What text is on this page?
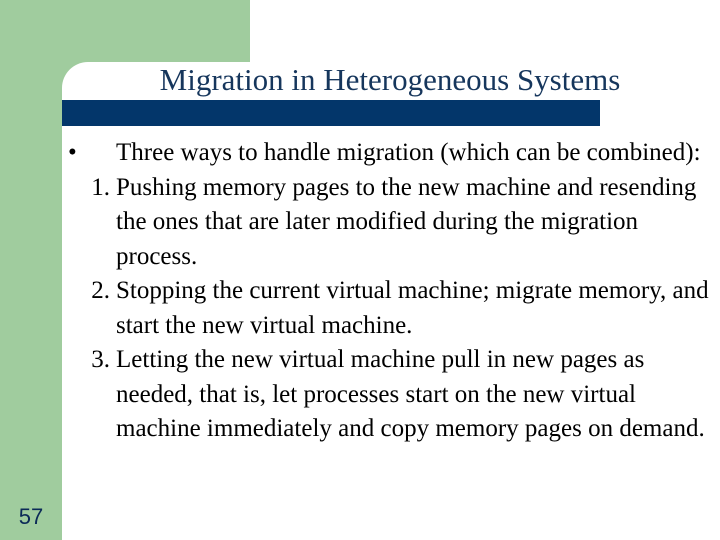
Migration in Heterogeneous Systems
•	Three ways to handle migration (which can be combined):
1. Pushing memory pages to the new machine and resending the ones that are later modified during the migration process.
2. Stopping the current virtual machine; migrate memory, and start the new virtual machine.
3. Letting the new virtual machine pull in new pages as needed, that is, let processes start on the new virtual machine immediately and copy memory pages on demand.
57
